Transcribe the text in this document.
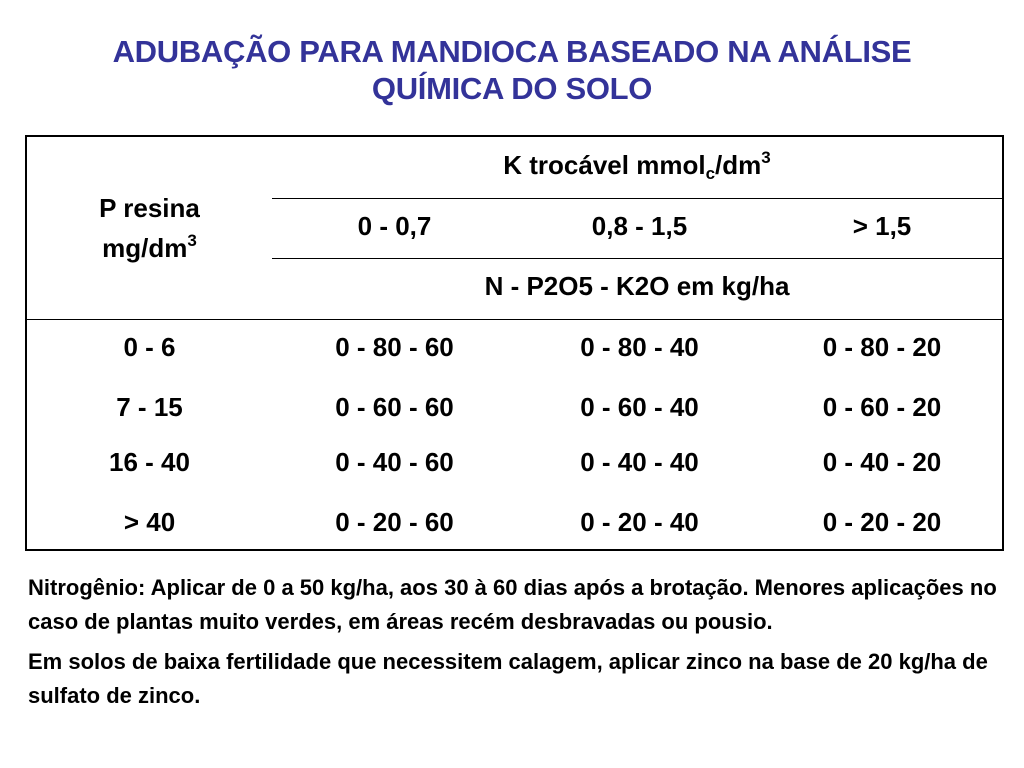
ADUBAÇÃO PARA MANDIOCA BASEADO NA ANÁLISE
QUÍMICA DO SOLO
P resina
$mg/dm^3$
K trocável $mmol_c/dm^3$
0 - 0,7	0,8 - 1,5	> 1,5
N - P2O5 - K2O em kg/ha
0 - 6	0 - 80 - 60	0 - 80 - 40	0 - 80 - 20
7 - 15	0 - 60 - 60	0 - 60 - 40	0 - 60 - 20
16 - 40	0 - 40 - 60	0 - 40 - 40	0 - 40 - 20
> 40	0 - 20 - 60	0 - 20 - 40	0 - 20 - 20

Nitrogênio: Aplicar de 0 a 50 kg/ha, aos 30 à 60 dias após a brotação. Menores aplicações no caso de plantas muito verdes, em áreas recém desbravadas ou pousio.

Em solos de baixa fertilidade que necessitem calagem, aplicar zinco na base de 20 kg/ha de sulfato de zinco.
